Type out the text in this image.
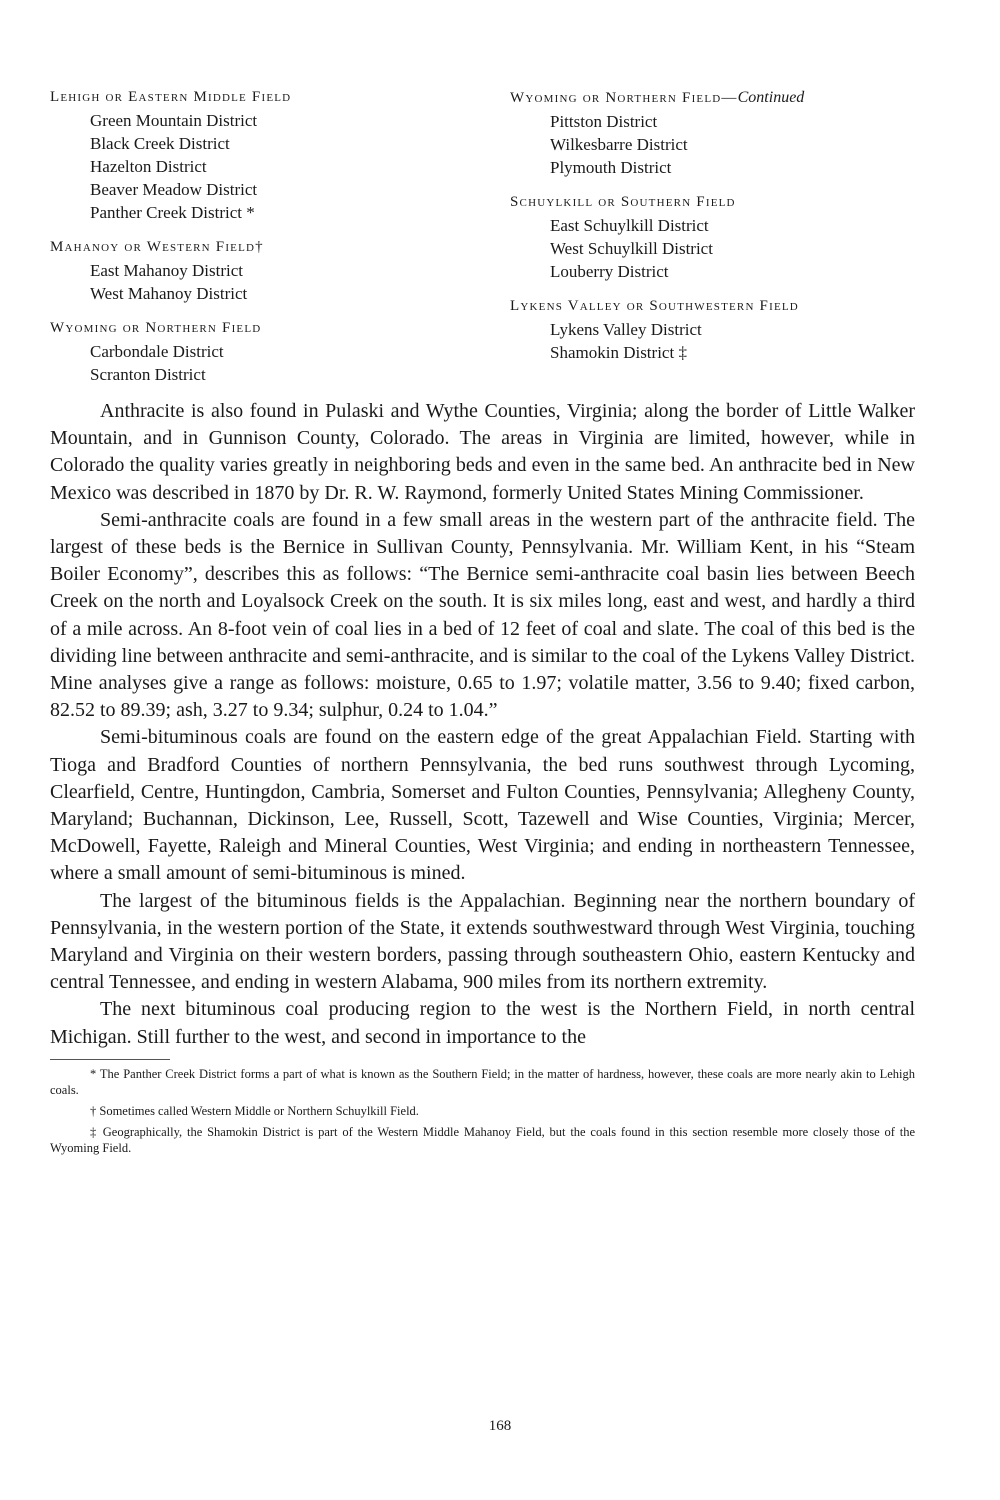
Lehigh or Eastern Middle Field
Green Mountain District
Black Creek District
Hazelton District
Beaver Meadow District
Panther Creek District *
Mahanoy or Western Field†
East Mahanoy District
West Mahanoy District
Wyoming or Northern Field
Carbondale District
Scranton District
Wyoming or Northern Field—Continued
Pittston District
Wilkesbarre District
Plymouth District
Schuylkill or Southern Field
East Schuylkill District
West Schuylkill District
Louberry District
Lykens Valley or Southwestern Field
Lykens Valley District
Shamokin District ‡

Anthracite is also found in Pulaski and Wythe Counties, Virginia; along the border of Little Walker Mountain, and in Gunnison County, Colorado. The areas in Virginia are limited, however, while in Colorado the quality varies greatly in neighboring beds and even in the same bed. An anthracite bed in New Mexico was described in 1870 by Dr. R. W. Raymond, formerly United States Mining Commissioner.

Semi-anthracite coals are found in a few small areas in the western part of the anthracite field. The largest of these beds is the Bernice in Sullivan County, Pennsylvania. Mr. William Kent, in his “Steam Boiler Economy”, describes this as follows: “The Bernice semi-anthracite coal basin lies between Beech Creek on the north and Loyalsock Creek on the south. It is six miles long, east and west, and hardly a third of a mile across. An 8-foot vein of coal lies in a bed of 12 feet of coal and slate. The coal of this bed is the dividing line between anthracite and semi-anthracite, and is similar to the coal of the Lykens Valley District. Mine analyses give a range as follows: moisture, 0.65 to 1.97; volatile matter, 3.56 to 9.40; fixed carbon, 82.52 to 89.39; ash, 3.27 to 9.34; sulphur, 0.24 to 1.04.”

Semi-bituminous coals are found on the eastern edge of the great Appalachian Field. Starting with Tioga and Bradford Counties of northern Pennsylvania, the bed runs southwest through Lycoming, Clearfield, Centre, Huntingdon, Cambria, Somerset and Fulton Counties, Pennsylvania; Allegheny County, Maryland; Buchannan, Dickinson, Lee, Russell, Scott, Tazewell and Wise Counties, Virginia; Mercer, McDowell, Fayette, Raleigh and Mineral Counties, West Virginia; and ending in northeastern Tennessee, where a small amount of semi-bituminous is mined.

The largest of the bituminous fields is the Appalachian. Beginning near the northern boundary of Pennsylvania, in the western portion of the State, it extends southwestward through West Virginia, touching Maryland and Virginia on their western borders, passing through southeastern Ohio, eastern Kentucky and central Tennessee, and ending in western Alabama, 900 miles from its northern extremity.

The next bituminous coal producing region to the west is the Northern Field, in north central Michigan. Still further to the west, and second in importance to the

* The Panther Creek District forms a part of what is known as the Southern Field; in the matter of hardness, however, these coals are more nearly akin to Lehigh coals.

† Sometimes called Western Middle or Northern Schuylkill Field.

‡ Geographically, the Shamokin District is part of the Western Middle Mahanoy Field, but the coals found in this section resemble more closely those of the Wyoming Field.

168
